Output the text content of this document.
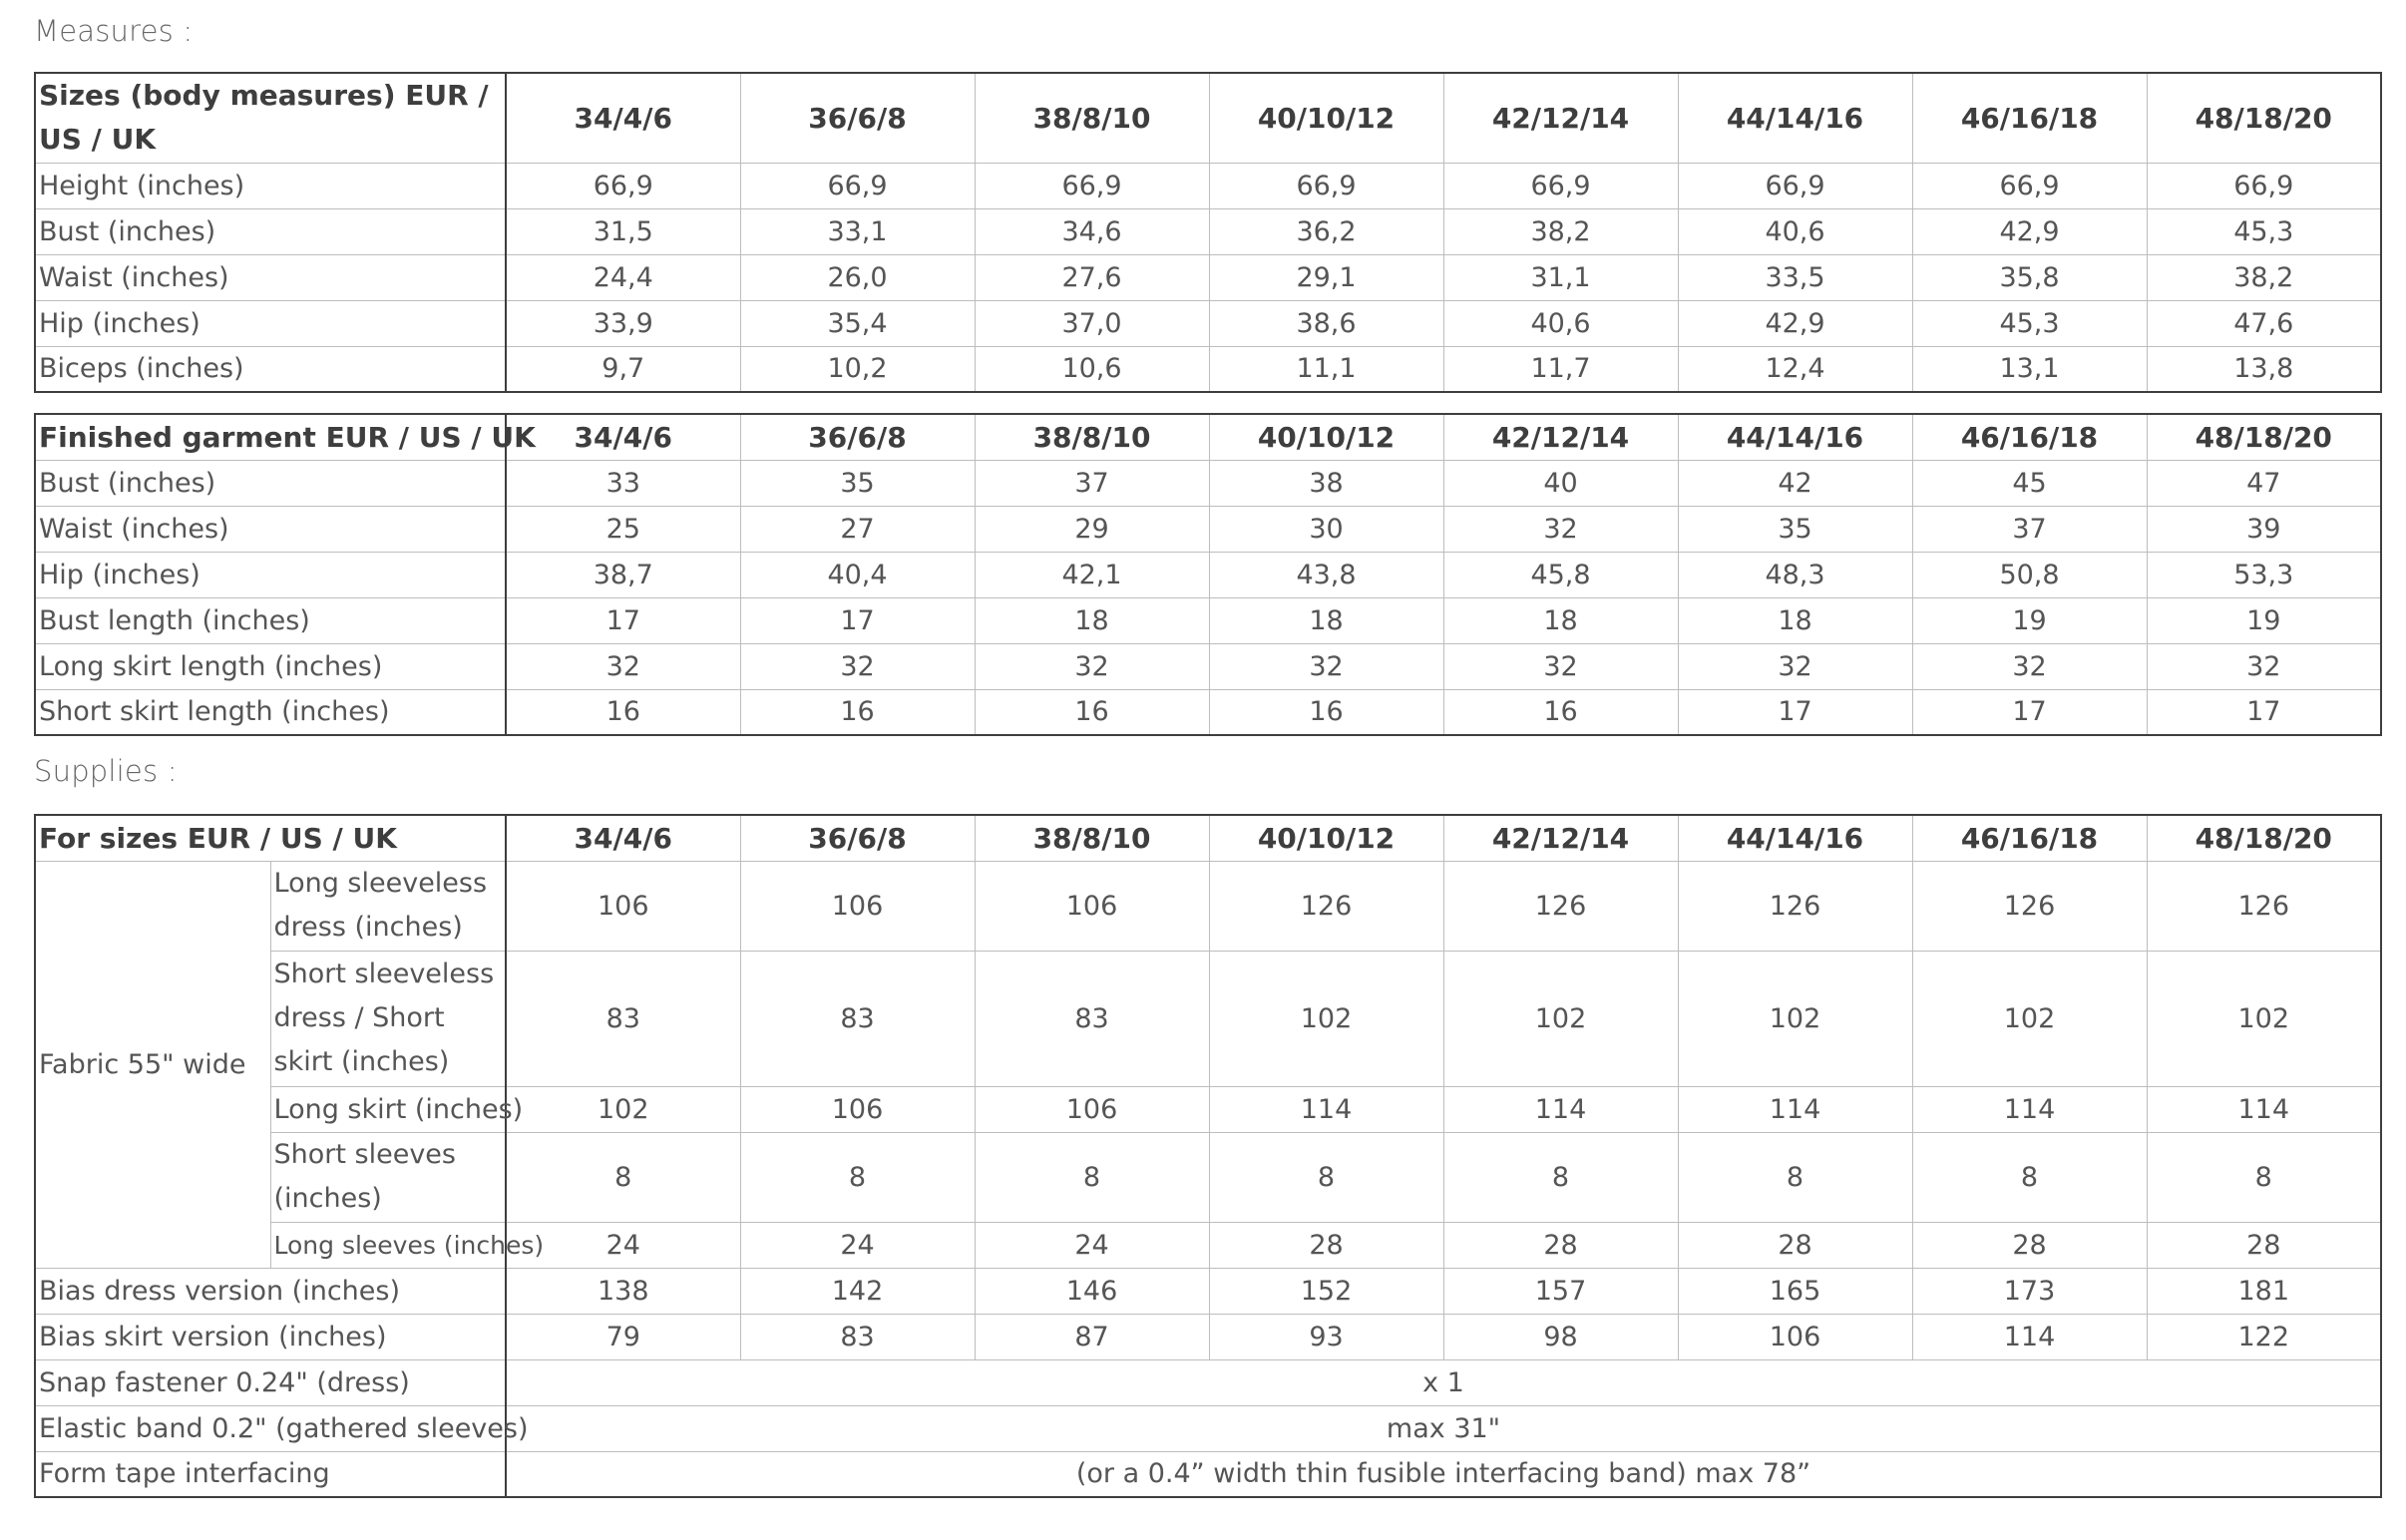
Measures :
Sizes (body measures) EUR / US / UK	34/4/6	36/6/8	38/8/10	40/10/12	42/12/14	44/14/16	46/16/18	48/18/20
Height (inches)	66,9	66,9	66,9	66,9	66,9	66,9	66,9	66,9
Bust (inches)	31,5	33,1	34,6	36,2	38,2	40,6	42,9	45,3
Waist (inches)	24,4	26,0	27,6	29,1	31,1	33,5	35,8	38,2
Hip (inches)	33,9	35,4	37,0	38,6	40,6	42,9	45,3	47,6
Biceps (inches)	9,7	10,2	10,6	11,1	11,7	12,4	13,1	13,8
Finished garment EUR / US / UK	34/4/6	36/6/8	38/8/10	40/10/12	42/12/14	44/14/16	46/16/18	48/18/20
Bust (inches)	33	35	37	38	40	42	45	47
Waist (inches)	25	27	29	30	32	35	37	39
Hip (inches)	38,7	40,4	42,1	43,8	45,8	48,3	50,8	53,3
Bust length (inches)	17	17	18	18	18	18	19	19
Long skirt length (inches)	32	32	32	32	32	32	32	32
Short skirt length (inches)	16	16	16	16	16	17	17	17
Supplies :
For sizes EUR / US / UK		34/4/6	36/6/8	38/8/10	40/10/12	42/12/14	44/14/16	46/16/18	48/18/20
Fabric 55" wide	Long sleeveless dress (inches)	106	106	106	126	126	126	126	126
	Short sleeveless dress / Short skirt (inches)	83	83	83	102	102	102	102	102
	Long skirt (inches)	102	106	106	114	114	114	114	114
	Short sleeves (inches)	8	8	8	8	8	8	8	8
	Long sleeves (inches)	24	24	24	28	28	28	28	28
Bias dress version (inches)		138	142	146	152	157	165	173	181
Bias skirt version (inches)		79	83	87	93	98	106	114	122
Snap fastener 0.24" (dress)		x 1							
Elastic band 0.2" (gathered sleeves)		max 31"							
Form tape interfacing		(or a 0.4” width thin fusible interfacing band) max 78”							
